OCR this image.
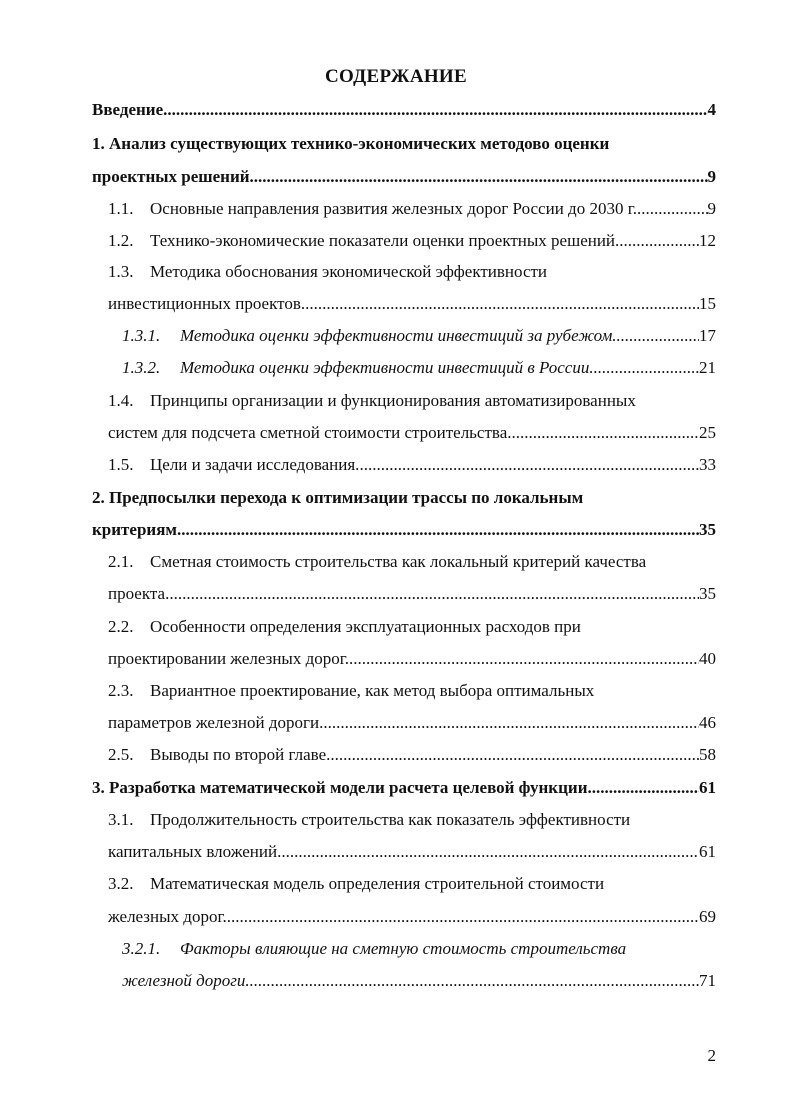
СОДЕРЖАНИЕ
Введение .....	4
1. Анализ существующих технико-экономических методово оценки
проектных решений. .....	9
1.1. Основные направления развития железных дорог России до 2030 г. .....	9
1.2. Технико-экономические показатели оценки проектных решений. .....	12
1.3. Методика обоснования экономической эффективности
инвестиционных проектов .....	15
1.3.1.	Методика оценки эффективности инвестиций за рубежом. .....	17
1.3.2.	Методика оценки эффективности инвестиций в России. .....	21
1.4. Принципы организации и функционирования автоматизированных
систем для подсчета сметной стоимости строительства .....	25
1.5. Цели и задачи исследования. .....	33
2. Предпосылки перехода к оптимизации трассы по локальным
критериям. .....	35
2.1. Сметная стоимость строительства как локальный критерий качества
проекта. .....	35
2.2. Особенности определения эксплуатационных расходов при
проектировании железных дорог. .....	40
2.3. Вариантное проектирование, как метод выбора оптимальных
параметров железной дороги. .....	46
2.5. Выводы по второй главе. .....	58
3. Разработка математической модели расчета целевой функции .....	61
3.1. Продолжительность строительства как показатель эффективности
капитальных вложений. .....	61
3.2. Математическая модель определения строительной стоимости
железных дорог. .....	69
3.2.1.	Факторы влияющие на сметную стоимость строительства
железной дороги. .....	71
2
